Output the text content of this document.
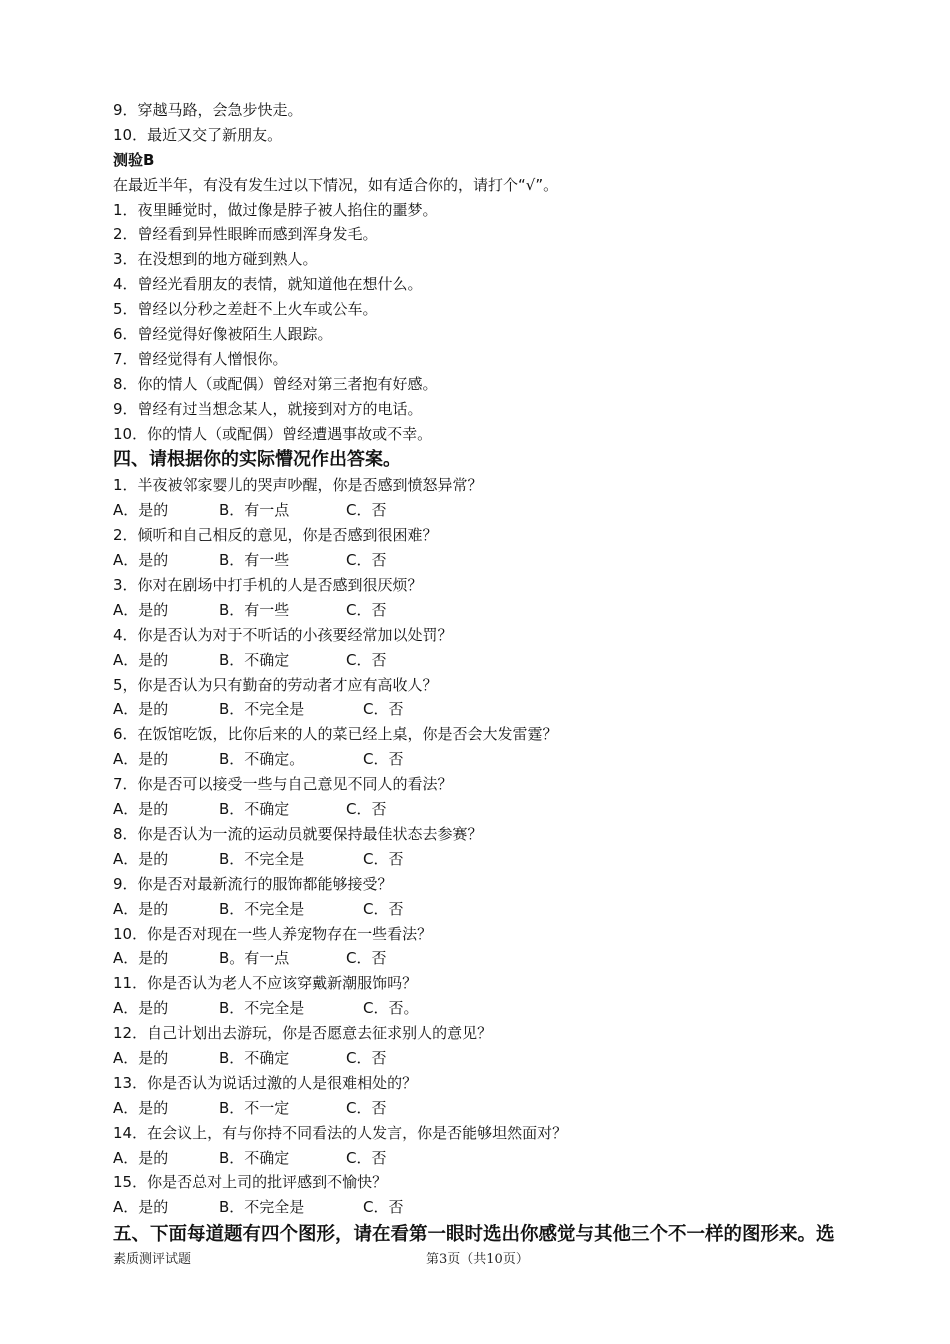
9．穿越马路，会急步快走。
10．最近又交了新朋友。
测验B
在最近半年，有没有发生过以下情况，如有适合你的，请打个“√”。
1．夜里睡觉时，做过像是脖子被人掐住的噩梦。
2．曾经看到异性眼眸而感到浑身发毛。
3．在没想到的地方碰到熟人。
4．曾经光看朋友的表情，就知道他在想什么。
5．曾经以分秒之差赶不上火车或公车。
6．曾经觉得好像被陌生人跟踪。
7．曾经觉得有人憎恨你。
8．你的情人（或配偶）曾经对第三者抱有好感。
9．曾经有过当想念某人，就接到对方的电话。
10．你的情人（或配偶）曾经遭遇事故或不幸。
四、请根据你的实际懵况作出答案。
1．半夜被邻家婴儿的哭声吵醒，你是否感到愤怒异常？
A．是的	B．有一点	C．否
2．倾听和自己相反的意见，你是否感到很困难？
A．是的	B．有一些	C．否
3．你对在剧场中打手机的人是否感到很厌烦？
A．是的	B．有一些	C．否
4．你是否认为对于不听话的小孩要经常加以处罚？
A．是的	B．不确定	C．否
5，你是否认为只有勤奋的劳动者才应有高收人？
A．是的	B．不完全是	C．否
6．在饭馆吃饭，比你后来的人的菜已经上桌，你是否会大发雷霆？
A．是的	B．不确定。	C．否
7．你是否可以接受一些与自己意见不同人的看法？
A．是的	B．不确定	C．否
8．你是否认为一流的运动员就要保持最佳状态去参赛？
A．是的	B．不完全是	C．否
9．你是否对最新流行的服饰都能够接受？
A．是的	B．不完全是	C．否
10．你是否对现在一些人养宠物存在一些看法？
A．是的	B。有一点	C．否
11．你是否认为老人不应该穿戴新潮服饰吗？
A．是的	B．不完全是	C．否。
12．自己计划出去游玩，你是否愿意去征求别人的意见？
A．是的	B．不确定	C．否
13．你是否认为说话过激的人是很难相处的？
A．是的	B．不一定	C．否
14．在会议上，有与你持不同看法的人发言，你是否能够坦然面对？
A．是的	B．不确定	C．否
15．你是否总对上司的批评感到不愉快？
A．是的	B．不完全是	C．否
五、下面每道题有四个图形，请在看第一眼时选出你感觉与其他三个不一样的图形来。选
素质测评试题	第3页（共10页）
